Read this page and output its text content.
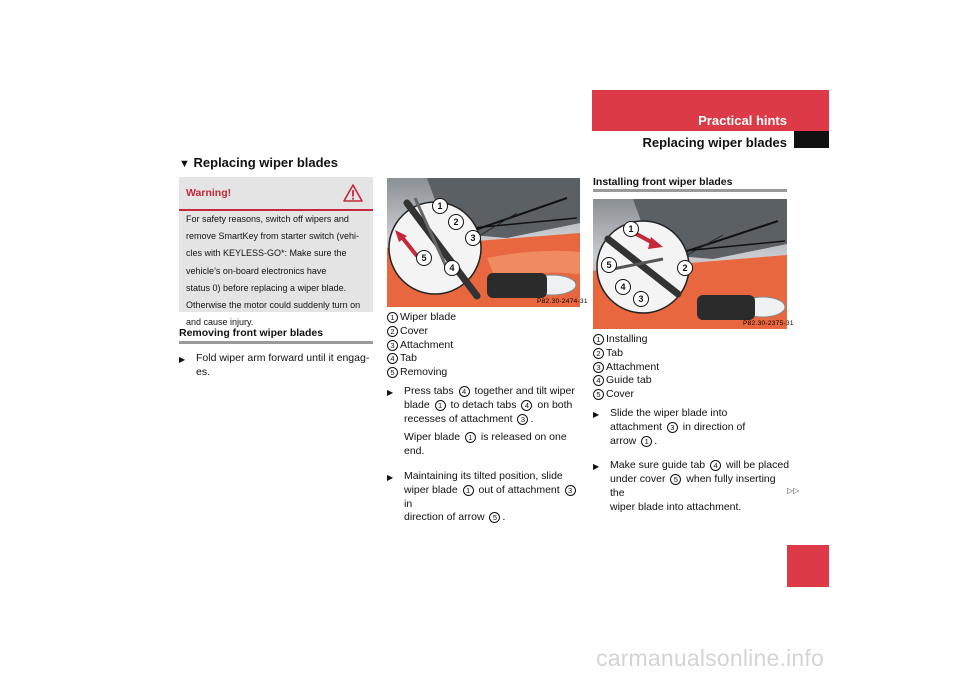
Practical hints
Replacing wiper blades
453
▼ Replacing wiper blades
Warning!
For safety reasons, switch off wipers and
remove SmartKey from starter switch (vehi-
cles with KEYLESS-GO*: Make sure the
vehicle’s on-board electronics have
status 0) before replacing a wiper blade.
Otherwise the motor could suddenly turn on
and cause injury.
Removing front wiper blades
▶ Fold wiper arm forward until it engag-
es.
P82.30-2474-31
1
2
3
4
5
1 Wiper blade
2 Cover
3 Attachment
4 Tab
5 Removing
▶ Press tabs 4 together and tilt wiper
blade 1 to detach tabs 4 on both
recesses of attachment 3 .
Wiper blade 1 is released on one end.
▶ Maintaining its tilted position, slide
wiper blade 1 out of attachment 3 in
direction of arrow 5 .
Installing front wiper blades
P82.30-2375-31
1
2
3
4
5
1 Installing
2 Tab
3 Attachment
4 Guide tab
5 Cover
▶ Slide the wiper blade into
attachment 3 in direction of
arrow 1 .
▶ Make sure guide tab 4 will be placed
under cover 5 when fully inserting the
wiper blade into attachment.
▷▷
carmanualsonline.info
